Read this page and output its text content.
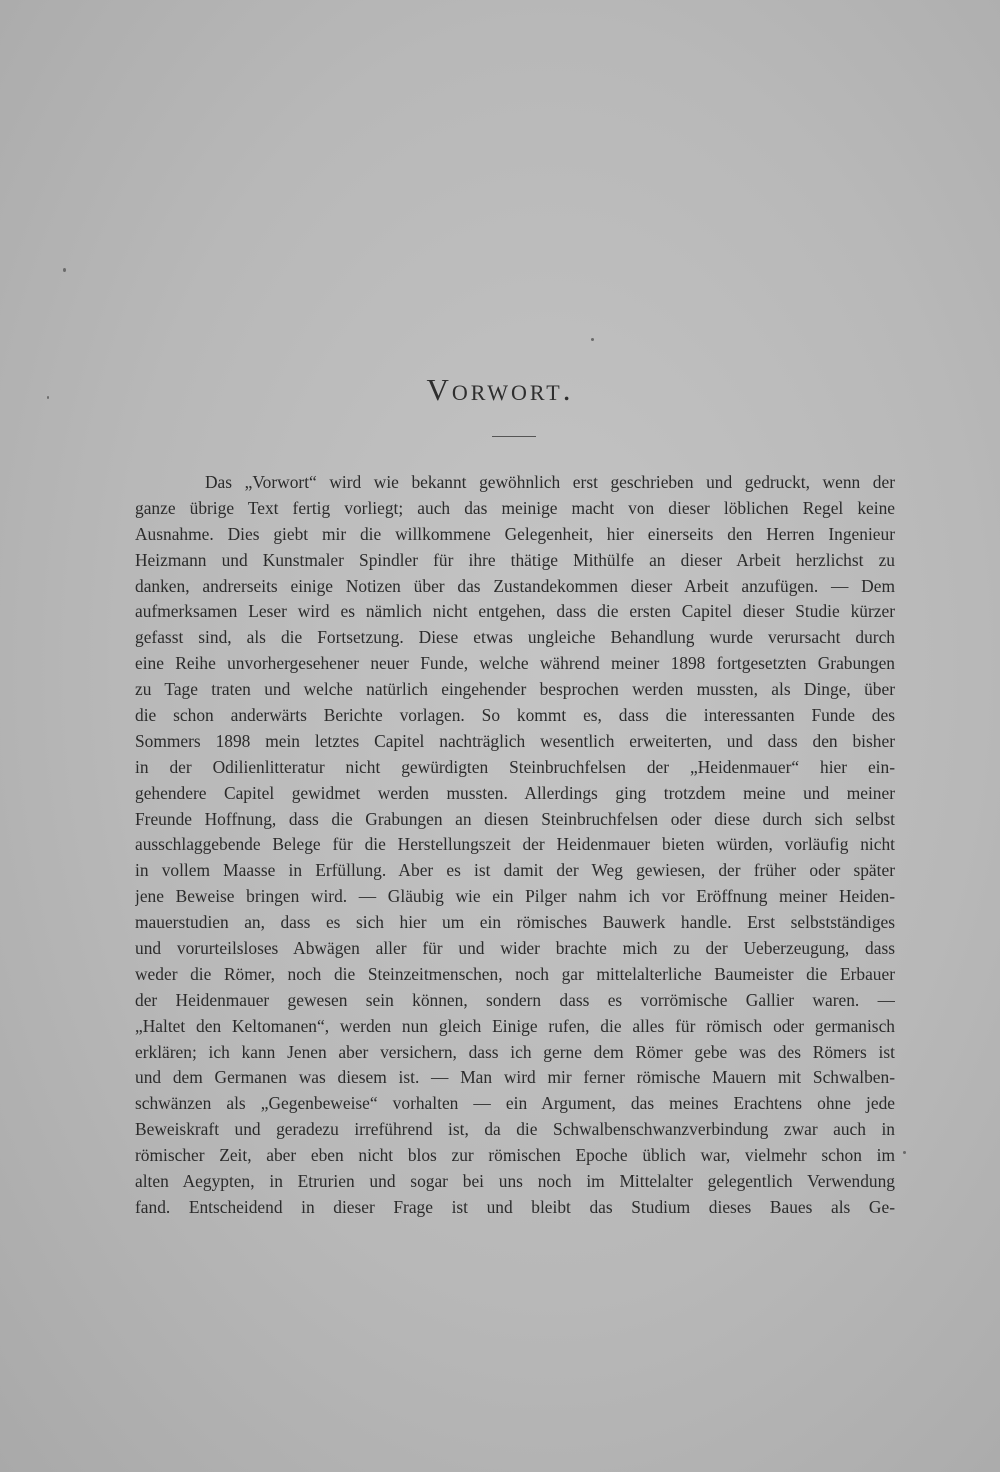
Vorwort.
Das „Vorwort“ wird wie bekannt gewöhnlich erst geschrieben und gedruckt, wenn der
ganze übrige Text fertig vorliegt; auch das meinige macht von dieser löblichen Regel keine
Ausnahme. Dies giebt mir die willkommene Gelegenheit, hier einerseits den Herren Ingenieur
Heizmann und Kunstmaler Spindler für ihre thätige Mithülfe an dieser Arbeit herzlichst zu
danken, andrerseits einige Notizen über das Zustandekommen dieser Arbeit anzufügen. — Dem
aufmerksamen Leser wird es nämlich nicht entgehen, dass die ersten Capitel dieser Studie kürzer
gefasst sind, als die Fortsetzung. Diese etwas ungleiche Behandlung wurde verursacht durch
eine Reihe unvorhergesehener neuer Funde, welche während meiner 1898 fortgesetzten Grabungen
zu Tage traten und welche natürlich eingehender besprochen werden mussten, als Dinge, über
die schon anderwärts Berichte vorlagen. So kommt es, dass die interessanten Funde des
Sommers 1898 mein letztes Capitel nachträglich wesentlich erweiterten, und dass den bisher
in der Odilienlitteratur nicht gewürdigten Steinbruchfelsen der „Heidenmauer“ hier ein-
gehendere Capitel gewidmet werden mussten. Allerdings ging trotzdem meine und meiner
Freunde Hoffnung, dass die Grabungen an diesen Steinbruchfelsen oder diese durch sich selbst
ausschlaggebende Belege für die Herstellungszeit der Heidenmauer bieten würden, vorläufig nicht
in vollem Maasse in Erfüllung. Aber es ist damit der Weg gewiesen, der früher oder später
jene Beweise bringen wird. — Gläubig wie ein Pilger nahm ich vor Eröffnung meiner Heiden-
mauerstudien an, dass es sich hier um ein römisches Bauwerk handle. Erst selbstständiges
und vorurteilsloses Abwägen aller für und wider brachte mich zu der Ueberzeugung, dass
weder die Römer, noch die Steinzeitmenschen, noch gar mittelalterliche Baumeister die Erbauer
der Heidenmauer gewesen sein können, sondern dass es vorrömische Gallier waren. —
„Haltet den Keltomanen“, werden nun gleich Einige rufen, die alles für römisch oder germanisch
erklären; ich kann Jenen aber versichern, dass ich gerne dem Römer gebe was des Römers ist
und dem Germanen was diesem ist. — Man wird mir ferner römische Mauern mit Schwalben-
schwänzen als „Gegenbeweise“ vorhalten — ein Argument, das meines Erachtens ohne jede
Beweiskraft und geradezu irreführend ist, da die Schwalbenschwanzverbindung zwar auch in
römischer Zeit, aber eben nicht blos zur römischen Epoche üblich war, vielmehr schon im
alten Aegypten, in Etrurien und sogar bei uns noch im Mittelalter gelegentlich Verwendung
fand. Entscheidend in dieser Frage ist und bleibt das Studium dieses Baues als Ge-
